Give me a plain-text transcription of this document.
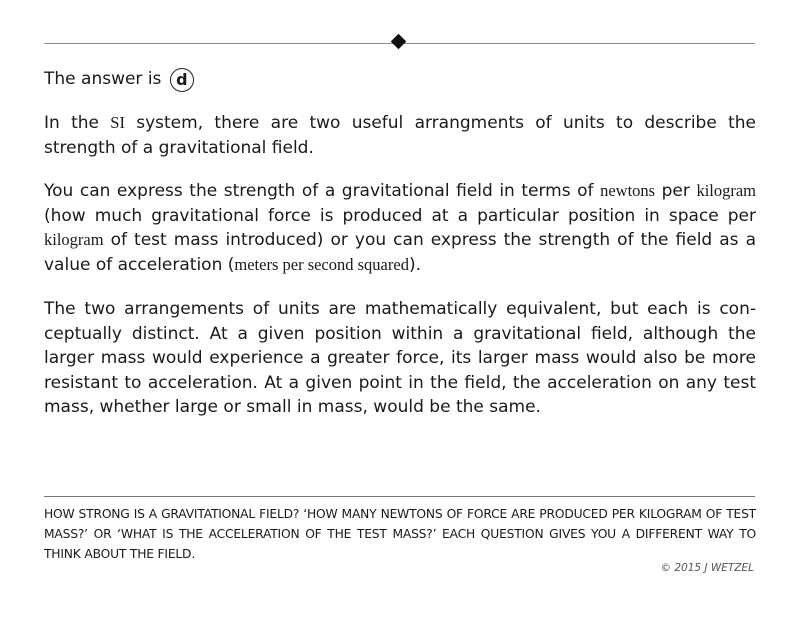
The answer is d
In the SI system, there are two useful arrangments of units to describe the strength of a gravitational field.
You can express the strength of a gravitational field in terms of newtons per kilogram (how much gravitational force is produced at a particular position in space per kilogram of test mass introduced) or you can express the strength of the field as a value of acceleration (meters per second squared).
The two arrangements of units are mathematically equivalent, but each is conceptually distinct. At a given position within a gravitational field, although the larger mass would experience a greater force, its larger mass would also be more resistant to acceleration. At a given point in the field, the acceleration on any test mass, whether large or small in mass, would be the same.
HOW STRONG IS A GRAVITATIONAL FIELD? ‘HOW MANY NEWTONS OF FORCE ARE PRODUCED PER KILOGRAM OF TEST MASS?’ OR ‘WHAT IS THE ACCELERATION OF THE TEST MASS?’ EACH QUESTION GIVES YOU A DIFFERENT WAY TO THINK ABOUT THE FIELD.
© 2015 J WETZEL
